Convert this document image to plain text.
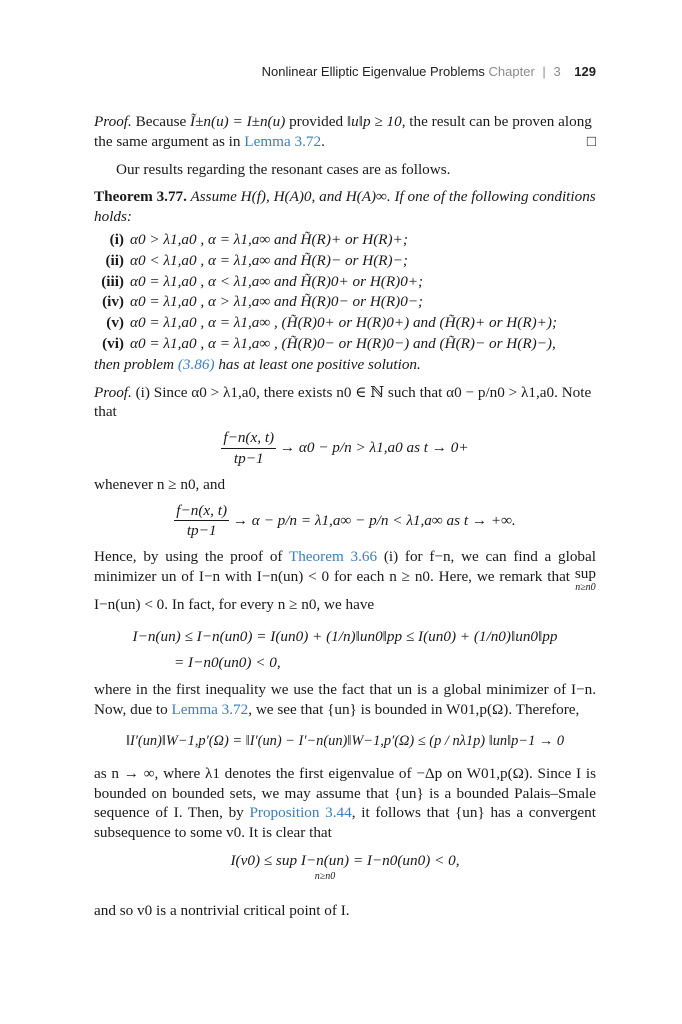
Nonlinear Elliptic Eigenvalue Problems Chapter | 3 129

Proof. Because Ĩ±n(u) = I±n(u) provided ‖u‖p ≥ 10, the result can be proven along the same argument as in Lemma 3.72.	□

Our results regarding the resonant cases are as follows.

Theorem 3.77. Assume H(f), H(A)0, and H(A)∞. If one of the following conditions holds:

(i) α0 > λ1,a0 , α = λ1,a∞ and H̃(R)+ or H(R)+;
(ii) α0 < λ1,a0 , α = λ1,a∞ and H̃(R)− or H(R)−;
(iii) α0 = λ1,a0 , α < λ1,a∞ and H̃(R)0+ or H(R)0+;
(iv) α0 = λ1,a0 , α > λ1,a∞ and H̃(R)0− or H(R)0−;
(v) α0 = λ1,a0 , α = λ1,a∞ , (H̃(R)0+ or H(R)0+) and (H̃(R)+ or H(R)+);
(vi) α0 = λ1,a0 , α = λ1,a∞ , (H̃(R)0− or H(R)0−) and (H̃(R)− or H(R)−),

then problem (3.86) has at least one positive solution.

Proof. (i) Since α0 > λ1,a0, there exists n0 ∈ ℕ such that α0 − p/n0 > λ1,a0. Note that

$\frac{f-n(x, t)}{tp-1} \to \alpha 0 - p/n > \lambda 1,a0$ as t → 0+

whenever n ≥ n0, and

$\frac{f-n(x, t)}{tp-1} \to \alpha - p/n = \lambda 1,a\infty - p/n < \lambda 1,a\infty$ as t → +∞.

Hence, by using the proof of Theorem 3.66 (i) for f−n, we can find a global minimizer un of I−n with I−n(un) < 0 for each n ≥ n0. Here, we remark that sup
n≥n0
I−n(un) < 0. In fact, for every n ≥ n0, we have

I−n(un) ≤ I−n(un0) = I(un0) + (1/n)‖un0‖pp ≤ I(un0) + (1/n0)‖un0‖pp
= I−n0(un0) < 0,

where in the first inequality we use the fact that un is a global minimizer of I−n. Now, due to Lemma 3.72, we see that {un} is bounded in W01,p(Ω). Therefore,

‖I′(un)‖W−1,p′(Ω) = ‖I′(un) − I′−n(un)‖W−1,p′(Ω) ≤ (p / nλ1p) ‖un‖p−1 → 0

as n → ∞, where λ1 denotes the first eigenvalue of −Δp on W01,p(Ω). Since I is bounded on bounded sets, we may assume that {un} is a bounded Palais–Smale sequence of I. Then, by Proposition 3.44, it follows that {un} has a convergent subsequence to some v0. It is clear that

I(v0) ≤ sup I−n(un) = I−n0(un0) < 0,
n≥n0

and so v0 is a nontrivial critical point of I.
